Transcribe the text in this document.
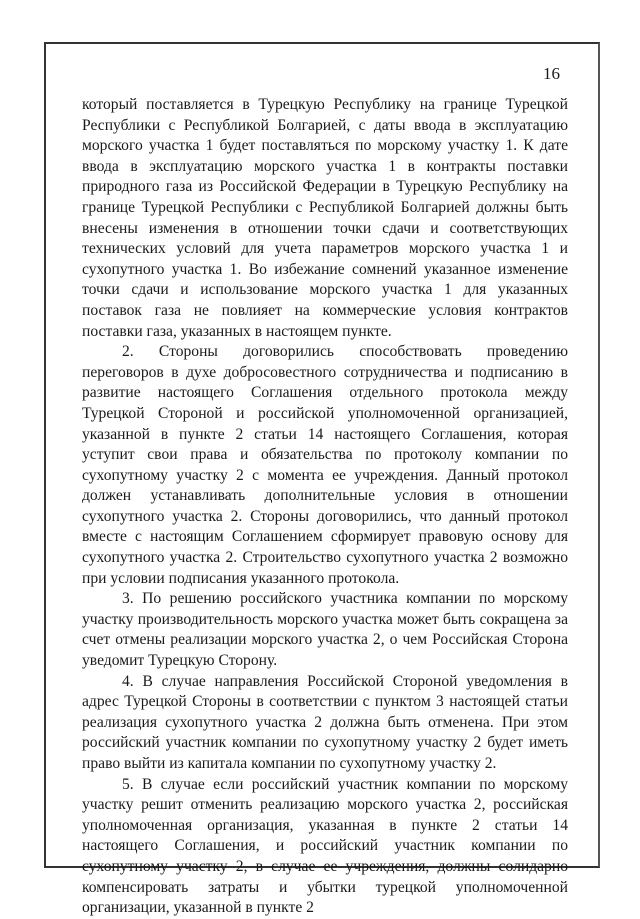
16

который поставляется в Турецкую Республику на границе Турецкой Республики с Республикой Болгарией, с даты ввода в эксплуатацию морского участка 1 будет поставляться по морскому участку 1. К дате ввода в эксплуатацию морского участка 1 в контракты поставки природного газа из Российской Федерации в Турецкую Республику на границе Турецкой Республики с Республикой Болгарией должны быть внесены изменения в отношении точки сдачи и соответствующих технических условий для учета параметров морского участка 1 и сухопутного участка 1. Во избежание сомнений указанное изменение точки сдачи и использование морского участка 1 для указанных поставок газа не повлияет на коммерческие условия контрактов поставки газа, указанных в настоящем пункте.

2. Стороны договорились способствовать проведению переговоров в духе добросовестного сотрудничества и подписанию в развитие настоящего Соглашения отдельного протокола между Турецкой Стороной и российской уполномоченной организацией, указанной в пункте 2 статьи 14 настоящего Соглашения, которая уступит свои права и обязательства по протоколу компании по сухопутному участку 2 с момента ее учреждения. Данный протокол должен устанавливать дополнительные условия в отношении сухопутного участка 2. Стороны договорились, что данный протокол вместе с настоящим Соглашением сформирует правовую основу для сухопутного участка 2. Строительство сухопутного участка 2 возможно при условии подписания указанного протокола.

3. По решению российского участника компании по морскому участку производительность морского участка может быть сокращена за счет отмены реализации морского участка 2, о чем Российская Сторона уведомит Турецкую Сторону.

4. В случае направления Российской Стороной уведомления в адрес Турецкой Стороны в соответствии с пунктом 3 настоящей статьи реализация сухопутного участка 2 должна быть отменена. При этом российский участник компании по сухопутному участку 2 будет иметь право выйти из капитала компании по сухопутному участку 2.

5. В случае если российский участник компании по морскому участку решит отменить реализацию морского участка 2, российская уполномоченная организация, указанная в пункте 2 статьи 14 настоящего Соглашения, и российский участник компании по сухопутному участку 2, в случае ее учреждения, должны солидарно компенсировать затраты и убытки турецкой уполномоченной организации, указанной в пункте 2
